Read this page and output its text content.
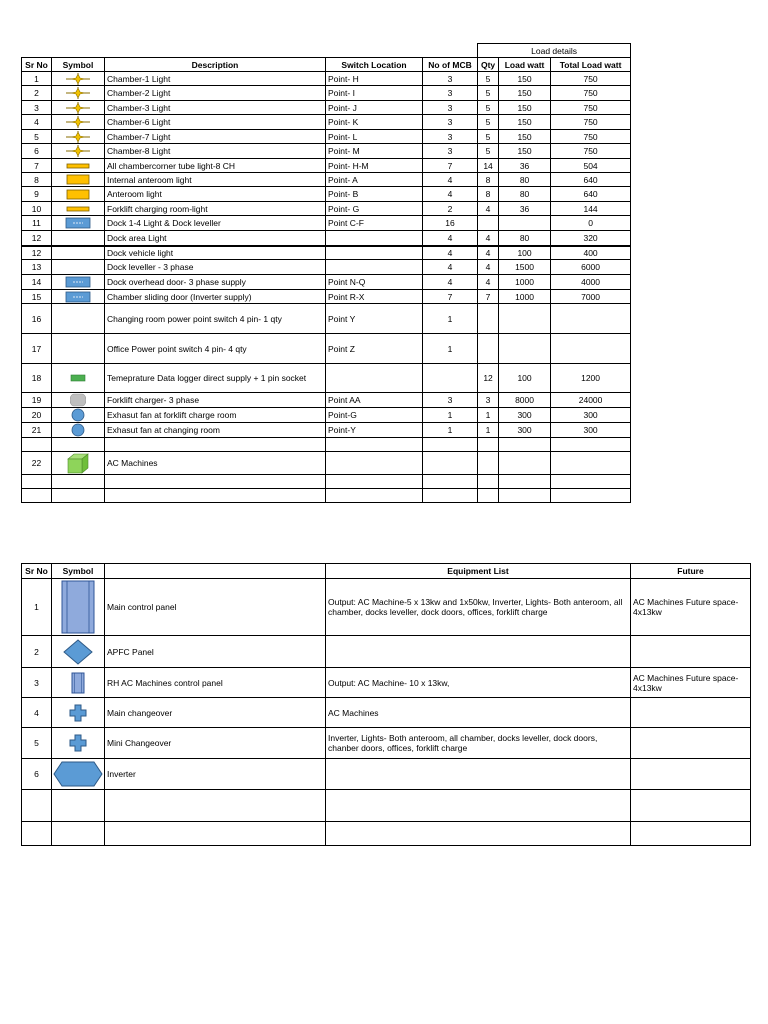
					Load details		
Sr No	Symbol	Description	Switch Location	No of MCB	Qty	Load watt	Total Load watt
1		Chamber-1 Light	Point- H	3	5	150	750
2		Chamber-2 Light	Point- I	3	5	150	750
3		Chamber-3 Light	Point- J	3	5	150	750
4		Chamber-6 Light	Point- K	3	5	150	750
5		Chamber-7 Light	Point- L	3	5	150	750
6		Chamber-8 Light	Point- M	3	5	150	750
7		All chambercorner tube light-8 CH	Point- H-M	7	14	36	504
8		Internal anteroom light	Point- A	4	8	80	640
9		Anteroom light	Point- B	4	8	80	640
10		Forklift charging room-light	Point- G	2	4	36	144
11		Dock 1-4 Light & Dock leveller	Point C-F	16			0
12		Dock area Light		4	4	80	320
12		Dock vehicle light		4	4	100	400
13		Dock leveller - 3 phase		4	4	1500	6000
14		Dock overhead door- 3 phase supply	Point N-Q	4	4	1000	4000
15		Chamber sliding door (Inverter supply)	Point R-X	7	7	1000	7000
16		Changing room power point switch 4 pin- 1 qty	Point Y	1			
17		Office Power point switch 4 pin- 4 qty	Point Z	1			
18		Temeprature Data logger direct supply + 1 pin socket			12	100	1200
19		Forklift charger- 3 phase	Point AA	3	3	8000	24000
20		Exhasut fan at forklift charge room	Point-G	1	1	300	300
21		Exhasut fan at changing room	Point-Y	1	1	300	300

22		AC Machines					

Sr No	Symbol		Equipment List	Future
1		Main control panel	Output: AC Machine-5 x 13kw and 1x50kw, Inverter, Lights- Both anteroom, all chamber, docks leveller, dock doors, offices, forklift charge	AC Machines Future space- 4x13kw
2		APFC Panel		
3		RH AC Machines control panel	Output: AC Machine- 10 x 13kw,	AC Machines Future space- 4x13kw
4		Main changeover	AC Machines	
5		Mini Changeover	Inverter, Lights- Both anteroom, all chamber, docks leveller, dock doors, chanber doors, offices, forklift charge	
6		Inverter		
